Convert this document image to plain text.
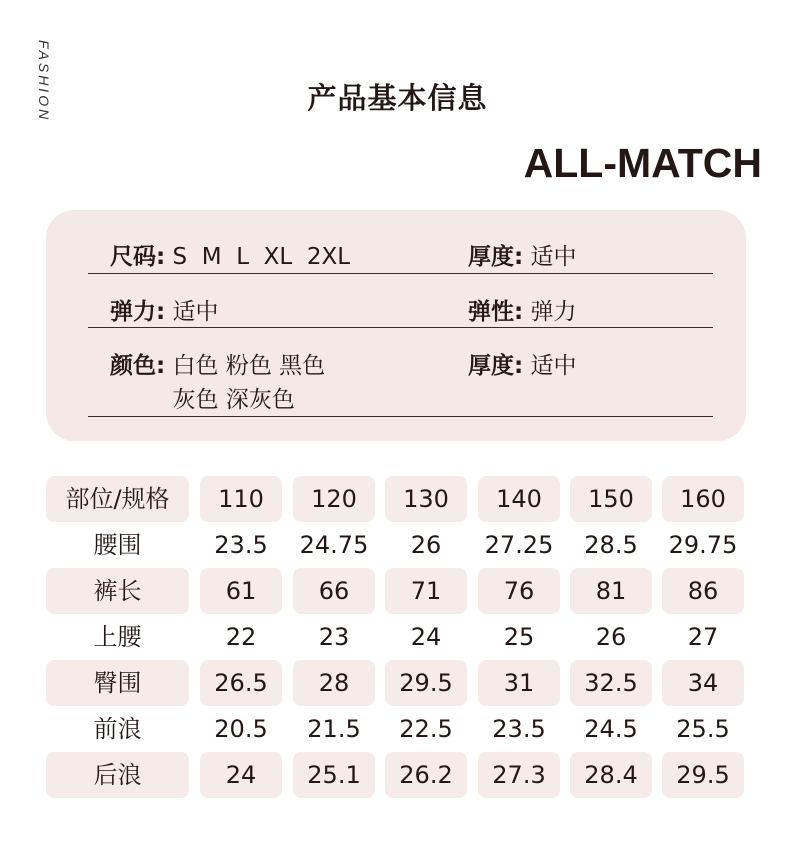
FASHION	产品基本信息
ALL-MATCH
尺码: S  M  L  XL  2XL	厚度: 适中
弹力: 适中	弹性: 弹力
颜色: 白色 粉色 黑色
灰色 深灰色
厚度: 适中
部位/规格	110	120	130	140	150	160
腰围	23.5	24.75	26	27.25	28.5	29.75
裤长	61	66	71	76	81	86
上腰	22	23	24	25	26	27
臀围	26.5	28	29.5	31	32.5	34
前浪	20.5	21.5	22.5	23.5	24.5	25.5
后浪	24	25.1	26.2	27.3	28.4	29.5
